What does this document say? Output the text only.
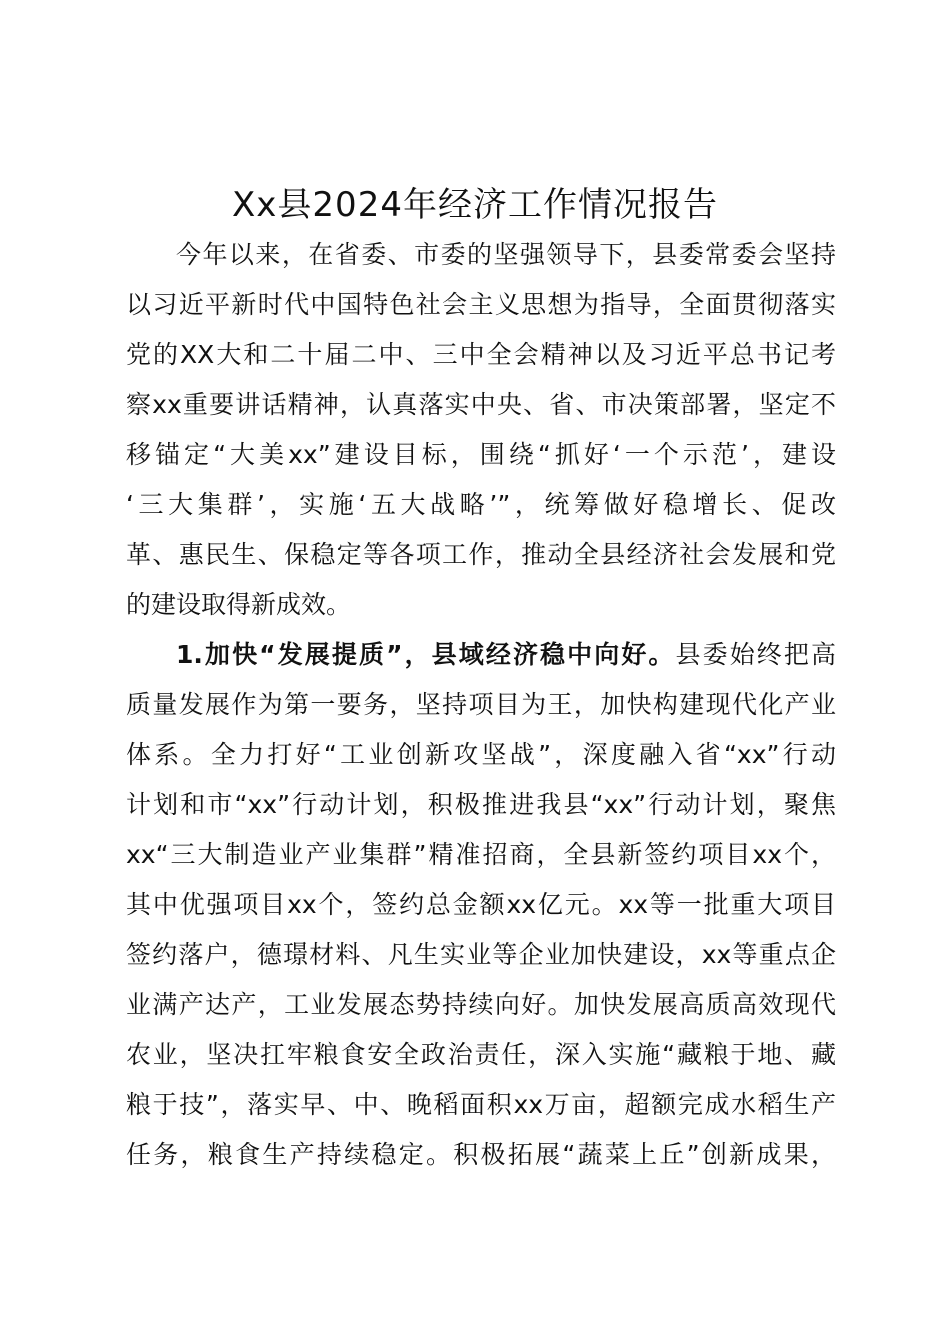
Xx县2024年经济工作情况报告
今年以来，在省委、市委的坚强领导下，县委常委会坚持
以习近平新时代中国特色社会主义思想为指导，全面贯彻落实
党的XX大和二十届二中、三中全会精神以及习近平总书记考
察xx重要讲话精神，认真落实中央、省、市决策部署，坚定不
移锚定“大美xx”建设目标，围绕“抓好‘一个示范’，建设
‘三大集群’，实施‘五大战略’”，统筹做好稳增长、促改
革、惠民生、保稳定等各项工作，推动全县经济社会发展和党
的建设取得新成效。
1.加快“发展提质”，县域经济稳中向好。县委始终把高
质量发展作为第一要务，坚持项目为王，加快构建现代化产业
体系。全力打好“工业创新攻坚战”，深度融入省“xx”行动
计划和市“xx”行动计划，积极推进我县“xx”行动计划，聚焦
xx“三大制造业产业集群”精准招商，全县新签约项目xx个，
其中优强项目xx个，签约总金额xx亿元。xx等一批重大项目
签约落户，德璟材料、凡生实业等企业加快建设，xx等重点企
业满产达产，工业发展态势持续向好。加快发展高质高效现代
农业，坚决扛牢粮食安全政治责任，深入实施“藏粮于地、藏
粮于技”，落实早、中、晚稻面积xx万亩，超额完成水稻生产
任务，粮食生产持续稳定。积极拓展“蔬菜上丘”创新成果，
